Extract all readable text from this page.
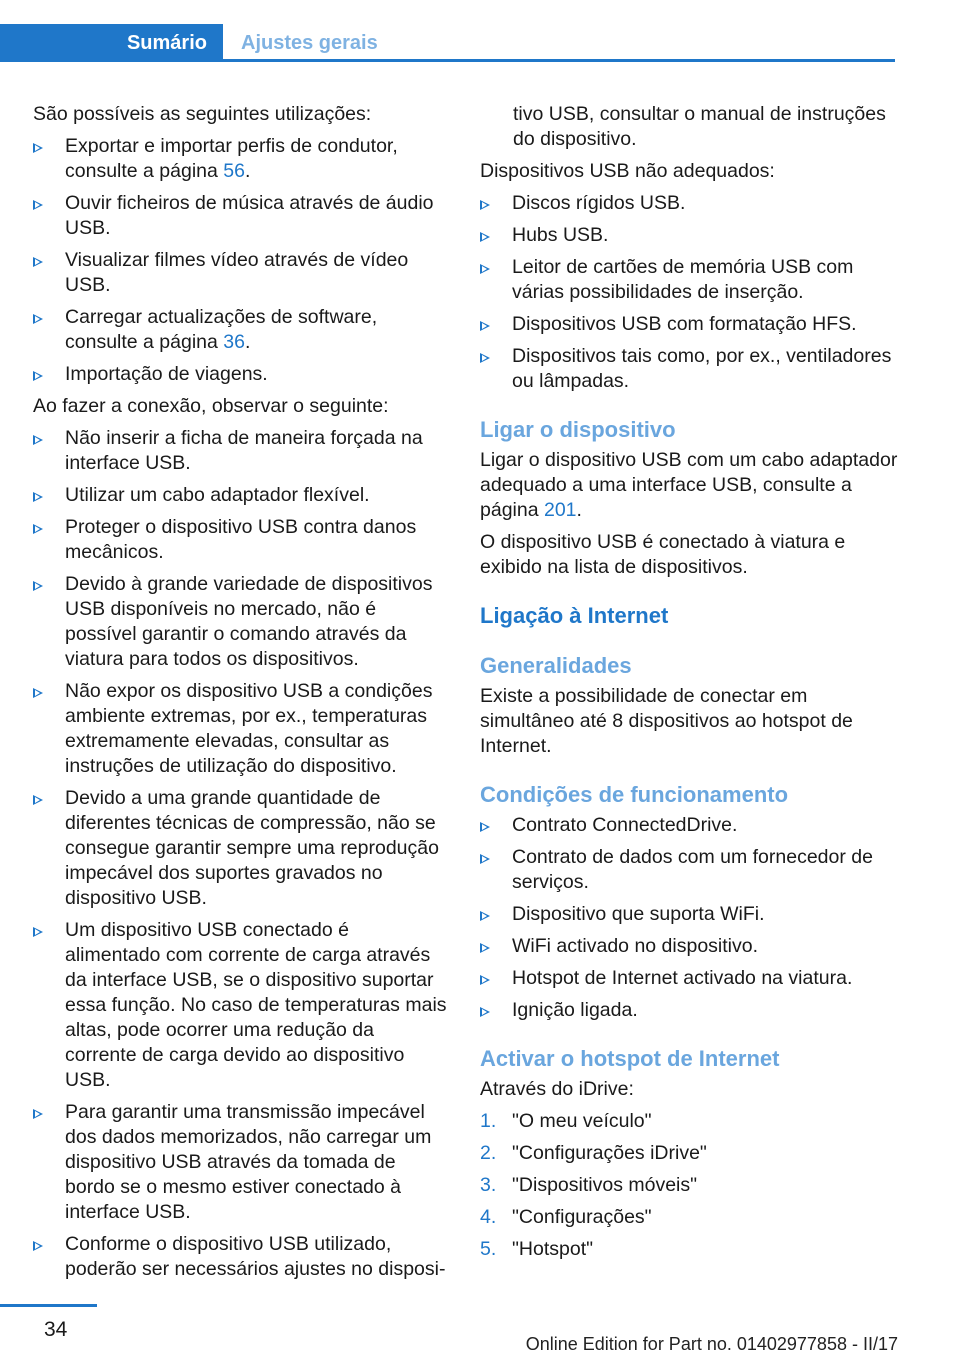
Sumário	Ajustes gerais

São possíveis as seguintes utilizações:

Exportar e importar perfis de condutor, consulte a página 56.
Ouvir ficheiros de música através de áudio USB.
Visualizar filmes vídeo através de vídeo USB.
Carregar actualizações de software, consulte a página 36.
Importação de viagens.

Ao fazer a conexão, observar o seguinte:

Não inserir a ficha de maneira forçada na interface USB.
Utilizar um cabo adaptador flexível.
Proteger o dispositivo USB contra danos mecânicos.
Devido à grande variedade de dispositivos USB disponíveis no mercado, não é possível garantir o comando através da viatura para todos os dispositivos.
Não expor os dispositivo USB a condições ambiente extremas, por ex., temperaturas extremamente elevadas, consultar as instruções de utilização do dispositivo.
Devido a uma grande quantidade de diferentes técnicas de compressão, não se consegue garantir sempre uma reprodução impecável dos suportes gravados no dispositivo USB.
Um dispositivo USB conectado é alimentado com corrente de carga através da interface USB, se o dispositivo suportar essa função. No caso de temperaturas mais altas, pode ocorrer uma redução da corrente de carga devido ao dispositivo USB.
Para garantir uma transmissão impecável dos dados memorizados, não carregar um dispositivo USB através da tomada de bordo se o mesmo estiver conectado à interface USB.
Conforme o dispositivo USB utilizado, poderão ser necessários ajustes no disposi-

tivo USB, consultar o manual de instruções do dispositivo.

Dispositivos USB não adequados:

Discos rígidos USB.
Hubs USB.
Leitor de cartões de memória USB com várias possibilidades de inserção.
Dispositivos USB com formatação HFS.
Dispositivos tais como, por ex., ventiladores ou lâmpadas.
Ligar o dispositivo

Ligar o dispositivo USB com um cabo adaptador adequado a uma interface USB, consulte a página 201.

O dispositivo USB é conectado à viatura e exibido na lista de dispositivos.

Ligação à Internet
Generalidades

Existe a possibilidade de conectar em simultâneo até 8 dispositivos ao hotspot de Internet.

Condições de funcionamento
Contrato ConnectedDrive.
Contrato de dados com um fornecedor de serviços.
Dispositivo que suporta WiFi.
WiFi activado no dispositivo.
Hotspot de Internet activado na viatura.
Ignição ligada.
Activar o hotspot de Internet

Através do iDrive:

1. "O meu veículo"
2. "Configurações iDrive"
3. "Dispositivos móveis"
4. "Configurações"
5. "Hotspot"
34
Online Edition for Part no. 01402977858 - II/17
